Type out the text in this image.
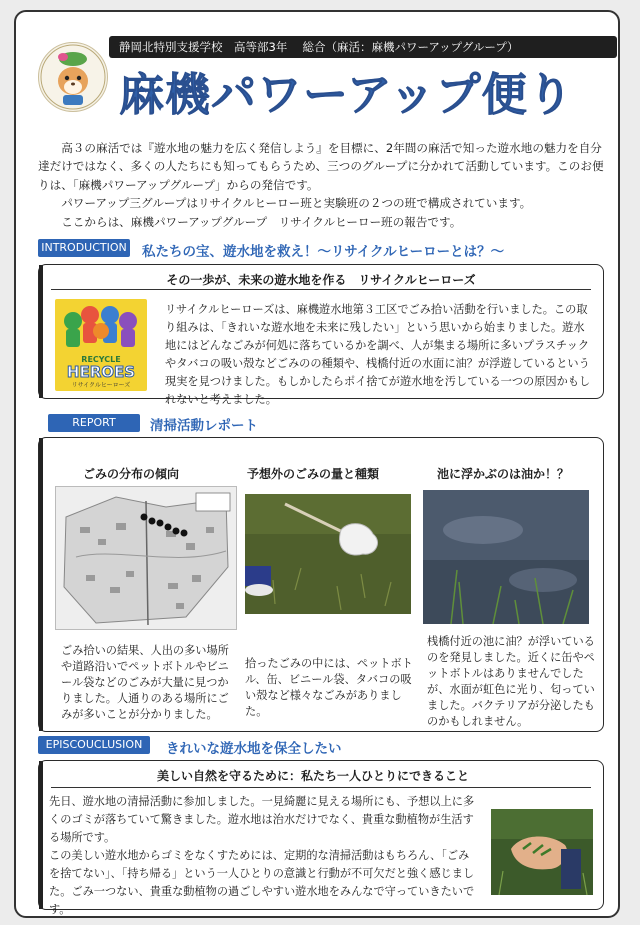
静岡北特別支援学校　高等部3年　 総合（麻活：麻機パワーアップグループ）
麻機パワーアップ便り

高３の麻活では『遊水地の魅力を広く発信しよう』を目標に、2年間の麻活で知った遊水地の魅力を自分達だけではなく、多くの人たちにも知ってもらうため、三つのグループに分かれて活動しています。このお便りは、「麻機パワーアップグループ」からの発信です。

パワーアップ三グループはリサイクルヒーロー班と実験班の２つの班で構成されています。

ここからは、麻機パワーアップグループ　リサイクルヒーロー班の報告です。

INTRODUCTION 私たちの宝、遊水地を救え！～リサイクルヒーローとは？～
その一歩が、未来の遊水地を作る　リサイクルヒーローズ
RECYCLE
HEROES
リサイクルヒーローズ
リサイクルヒーローズは、麻機遊水地第３工区でごみ拾い活動を行いました。この取り組みは、「きれいな遊水地を未来に残したい」という思いから始まりました。遊水地にはどんなごみが何処に落ちているかを調べ、人が集まる場所に多いプラスチックやタバコの吸い殻などごみのの種類や、桟橋付近の水面に油？が浮遊しているという現実を見つけました。もしかしたらポイ捨てが遊水地を汚している一つの原因かもしれないと考えました。
REPORT	清掃活動レポート
ごみの分布の傾向
ごみ拾いの結果、人出の多い場所や道路沿いでペットボトルやビニール袋などのごみが大量に見つかりました。人通りのある場所にごみが多いことが分かりました。
予想外のごみの量と種類
拾ったごみの中には、ペットボトル、缶、ビニール袋、タバコの吸い殻など様々なごみがありました。
池に浮かぶのは油か！？
桟橋付近の池に油？が浮いているのを発見しました。近くに缶やペットボトルはありませんでしたが、水面が虹色に光り、匂っていました。バクテリアが分泌したものかもしれません。
EPISCOUCLUSION	きれいな遊水地を保全したい
美しい自然を守るために：私たち一人ひとりにできること
先日、遊水地の清掃活動に参加しました。一見綺麗に見える場所にも、予想以上に多くのゴミが落ちていて驚きました。遊水地は治水だけでなく、貴重な動植物が生活する場所です。
この美しい遊水地からゴミをなくすためには、定期的な清掃活動はもちろん、「ごみを捨てない」、「持ち帰る」という一人ひとりの意識と行動が不可欠だと強く感じました。ごみ一つない、貴重な動植物の過ごしやすい遊水地をみんなで守っていきたいです。
